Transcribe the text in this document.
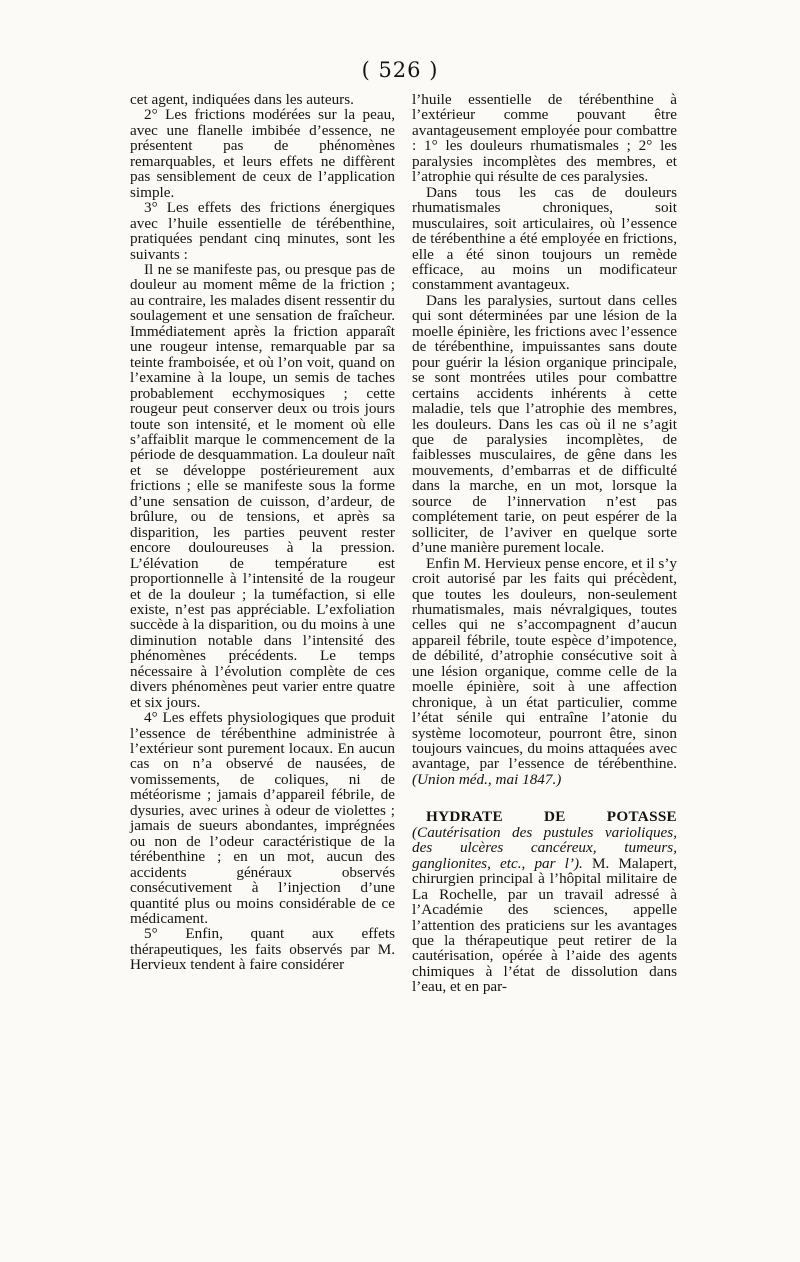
( 526 )

cet agent, indiquées dans les auteurs.

2° Les frictions modérées sur la peau, avec une flanelle imbibée d’essence, ne présentent pas de phénomènes remarquables, et leurs effets ne diffèrent pas sensiblement de ceux de l’application simple.

3° Les effets des frictions énergiques avec l’huile essentielle de térébenthine, pratiquées pendant cinq minutes, sont les suivants :

Il ne se manifeste pas, ou presque pas de douleur au moment même de la friction ; au contraire, les malades disent ressentir du soulagement et une sensation de fraîcheur. Immédiatement après la friction apparaît une rougeur intense, remarquable par sa teinte framboisée, et où l’on voit, quand on l’examine à la loupe, un semis de taches probablement ecchymosiques ; cette rougeur peut conserver deux ou trois jours toute son intensité, et le moment où elle s’affaiblit marque le commencement de la période de desquammation. La douleur naît et se développe postérieurement aux frictions ; elle se manifeste sous la forme d’une sensation de cuisson, d’ardeur, de brûlure, ou de tensions, et après sa disparition, les parties peuvent rester encore douloureuses à la pression. L’élévation de température est proportionnelle à l’intensité de la rougeur et de la douleur ; la tuméfaction, si elle existe, n’est pas appréciable. L’exfoliation succède à la disparition, ou du moins à une diminution notable dans l’intensité des phénomènes précédents. Le temps nécessaire à l’évolution complète de ces divers phénomènes peut varier entre quatre et six jours.

4° Les effets physiologiques que produit l’essence de térébenthine administrée à l’extérieur sont purement locaux. En aucun cas on n’a observé de nausées, de vomissements, de coliques, ni de météorisme ; jamais d’appareil fébrile, de dysuries, avec urines à odeur de violettes ; jamais de sueurs abondantes, imprégnées ou non de l’odeur caractéristique de la térébenthine ; en un mot, aucun des accidents généraux observés consécutivement à l’injection d’une quantité plus ou moins considérable de ce médicament.

5° Enfin, quant aux effets thérapeutiques, les faits observés par M. Hervieux tendent à faire considérer

l’huile essentielle de térébenthine à l’extérieur comme pouvant être avantageusement employée pour combattre : 1° les douleurs rhumatismales ; 2° les paralysies incomplètes des membres, et l’atrophie qui résulte de ces paralysies.

Dans tous les cas de douleurs rhumatismales chroniques, soit musculaires, soit articulaires, où l’essence de térébenthine a été employée en frictions, elle a été sinon toujours un remède efficace, au moins un modificateur constamment avantageux.

Dans les paralysies, surtout dans celles qui sont déterminées par une lésion de la moelle épinière, les frictions avec l’essence de térébenthine, impuissantes sans doute pour guérir la lésion organique principale, se sont montrées utiles pour combattre certains accidents inhérents à cette maladie, tels que l’atrophie des membres, les douleurs. Dans les cas où il ne s’agit que de paralysies incomplètes, de faiblesses musculaires, de gêne dans les mouvements, d’embarras et de difficulté dans la marche, en un mot, lorsque la source de l’innervation n’est pas complétement tarie, on peut espérer de la solliciter, de l’aviver en quelque sorte d’une manière purement locale.

Enfin M. Hervieux pense encore, et il s’y croit autorisé par les faits qui précèdent, que toutes les douleurs, non-seulement rhumatismales, mais névralgiques, toutes celles qui ne s’accompagnent d’aucun appareil fébrile, toute espèce d’impotence, de débilité, d’atrophie consécutive soit à une lésion organique, comme celle de la moelle épinière, soit à une affection chronique, à un état particulier, comme l’état sénile qui entraîne l’atonie du système locomoteur, pourront être, sinon toujours vaincues, du moins attaquées avec avantage, par l’essence de térébenthine. (Union méd., mai 1847.)

HYDRATE DE POTASSE (Cautérisation des pustules varioliques, des ulcères cancéreux, tumeurs, ganglionites, etc., par l’). M. Malapert, chirurgien principal à l’hôpital militaire de La Rochelle, par un travail adressé à l’Académie des sciences, appelle l’attention des praticiens sur les avantages que la thérapeutique peut retirer de la cautérisation, opérée à l’aide des agents chimiques à l’état de dissolution dans l’eau, et en par-
